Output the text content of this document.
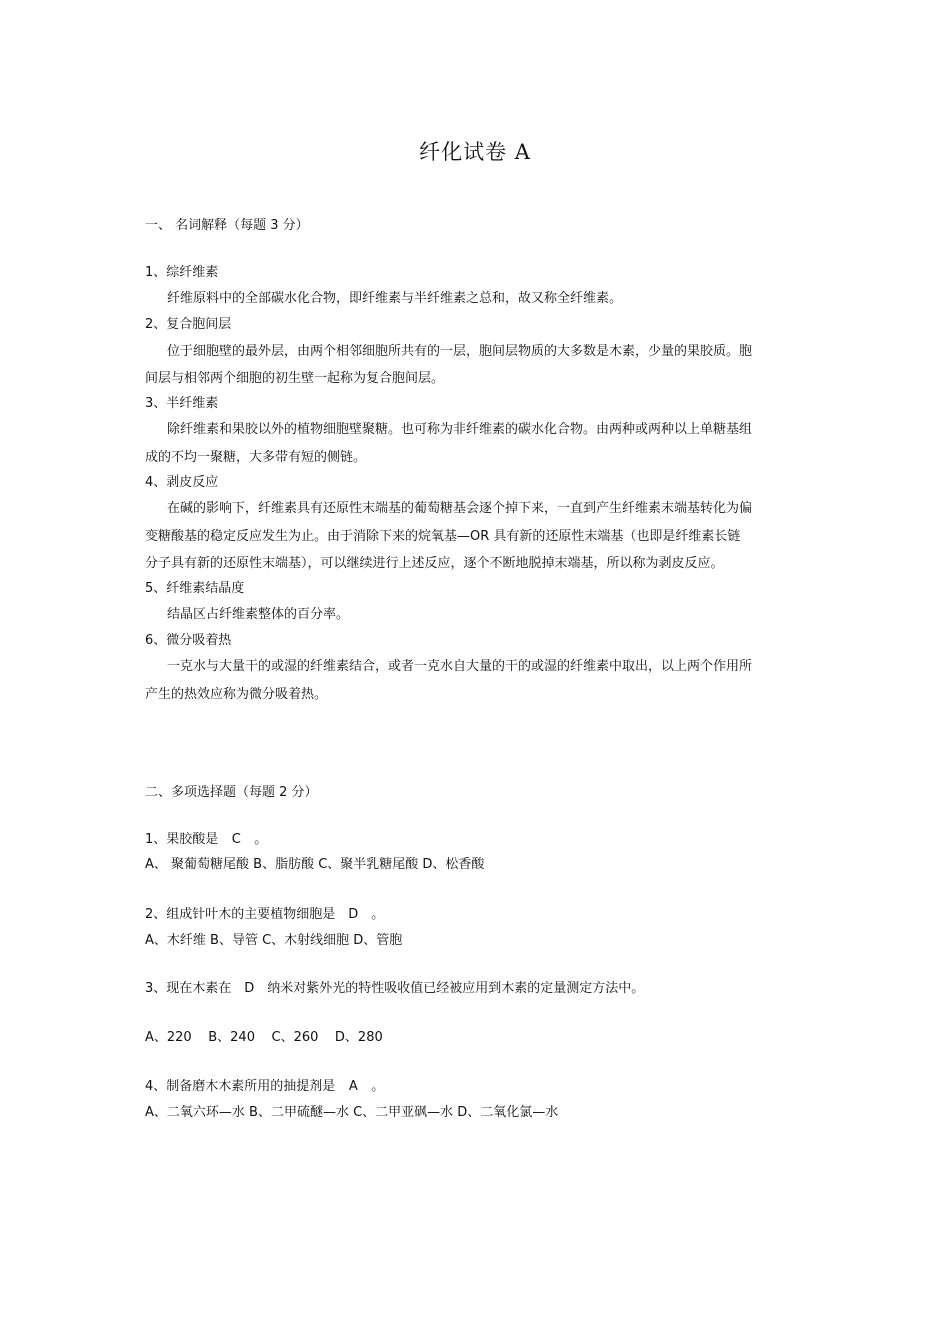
纤化试卷 A
一、 名词解释（每题 3 分）
1、综纤维素
纤维原料中的全部碳水化合物，即纤维素与半纤维素之总和，故又称全纤维素。
2、复合胞间层
位于细胞壁的最外层，由两个相邻细胞所共有的一层，胞间层物质的大多数是木素，少量的果胶质。胞
间层与相邻两个细胞的初生壁一起称为复合胞间层。
3、半纤维素
除纤维素和果胶以外的植物细胞壁聚糖。也可称为非纤维素的碳水化合物。由两种或两种以上单糖基组
成的不均一聚糖，大多带有短的侧链。
4、剥皮反应
在碱的影响下，纤维素具有还原性末端基的葡萄糖基会逐个掉下来，一直到产生纤维素末端基转化为偏
变糖酸基的稳定反应发生为止。由于消除下来的烷氧基—OR 具有新的还原性末端基（也即是纤维素长链
分子具有新的还原性末端基），可以继续进行上述反应，逐个不断地脱掉末端基，所以称为剥皮反应。
5、纤维素结晶度
结晶区占纤维素整体的百分率。
6、微分吸着热
一克水与大量干的或湿的纤维素结合，或者一克水自大量的干的或湿的纤维素中取出，以上两个作用所
产生的热效应称为微分吸着热。
二、多项选择题（每题 2 分）
1、果胶酸是 C 。
A、 聚葡萄糖尾酸 B、脂肪酸 C、聚半乳糖尾酸 D、松香酸
2、组成针叶木的主要植物细胞是 D 。
A、木纤维 B、导管 C、木射线细胞 D、管胞
3、现在木素在 D 纳米对紫外光的特性吸收值已经被应用到木素的定量测定方法中。
A、220    B、240    C、260    D、280
4、制备磨木木素所用的抽提剂是 A 。
A、二氧六环—水 B、二甲硫醚—水 C、二甲亚砜—水 D、二氧化氯—水
